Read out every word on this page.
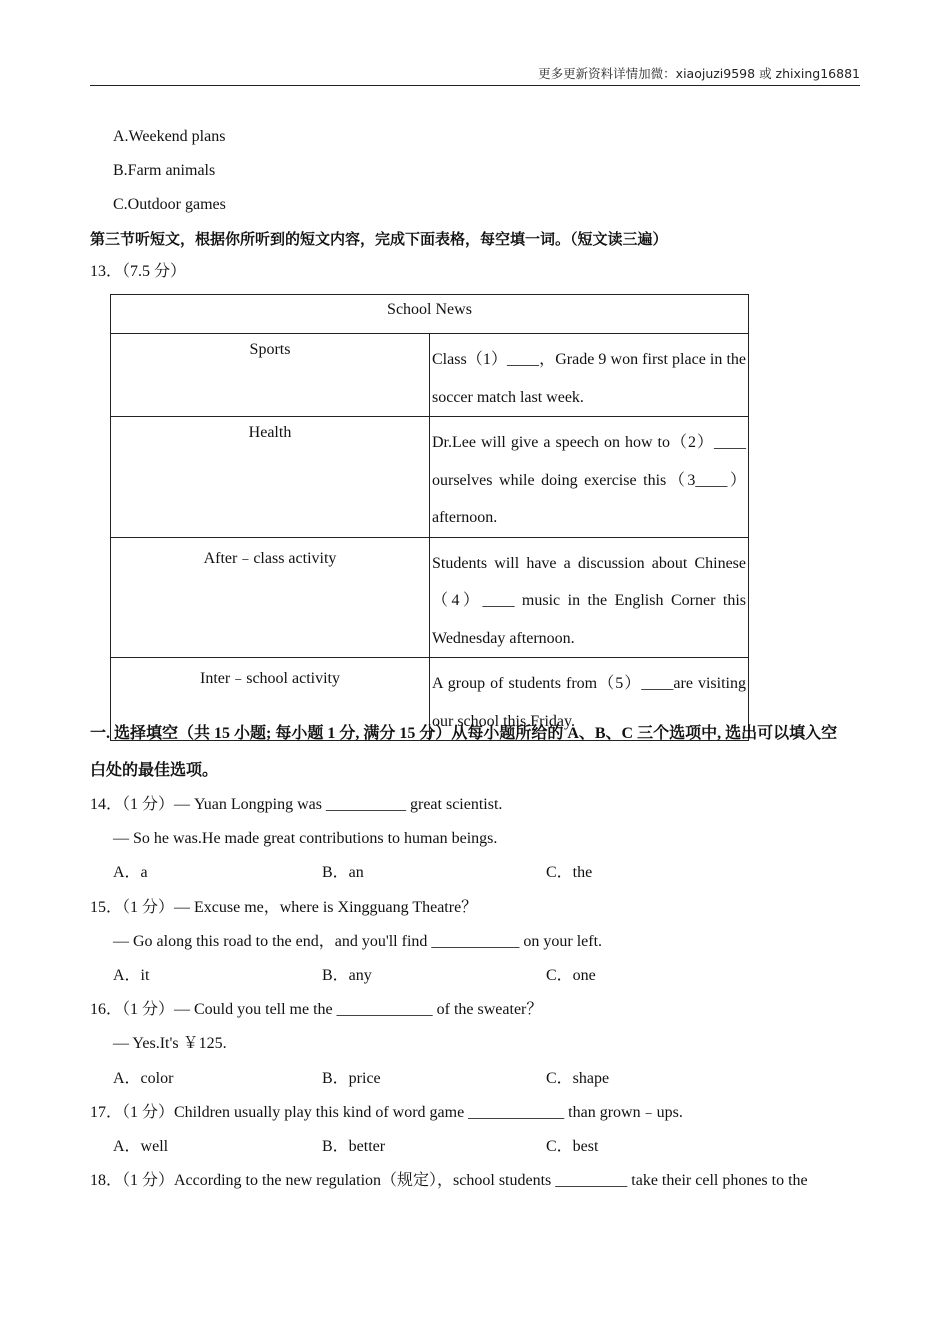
更多更新资料详情加微：xiaojuzi9598 或 zhixing16881
A.Weekend plans
B.Farm animals
C.Outdoor games
第三节听短文，根据你所听到的短文内容，完成下面表格，每空填一词。（短文读三遍）
13．（7.5 分）
School News	
Sports	Class（1）____，Grade 9 won first place in the soccer match last week.
Health	Dr.Lee will give a speech on how to（2）____ ourselves while doing exercise this（3____） afternoon.
After﹣class activity	Students will have a discussion about Chinese（4）____ music in the English Corner this Wednesday afternoon.
Inter﹣school activity	A group of students from（5）____are visiting our school this Friday.
一. 选择填空（共 15 小题; 每小题 1 分, 满分 15 分）从每小题所给的 A、B、C 三个选项中, 选出可以填入空
白处的最佳选项。
14．（1 分）— Yuan Longping was __________ great scientist.
— So he was.He made great contributions to human beings.
A．a	B．an	C．the
15．（1 分）— Excuse me，where is Xingguang Theatre？
— Go along this road to the end，and you'll find ___________ on your left.
A．it	B．any	C．one
16．（1 分）— Could you tell me the ____________ of the sweater？
— Yes.It's ￥125.
A．color	B．price	C．shape
17．（1 分）Children usually play this kind of word game ____________ than grown﹣ups.
A．well	B．better	C．best
18．（1 分）According to the new regulation（规定），school students _________ take their cell phones to the
